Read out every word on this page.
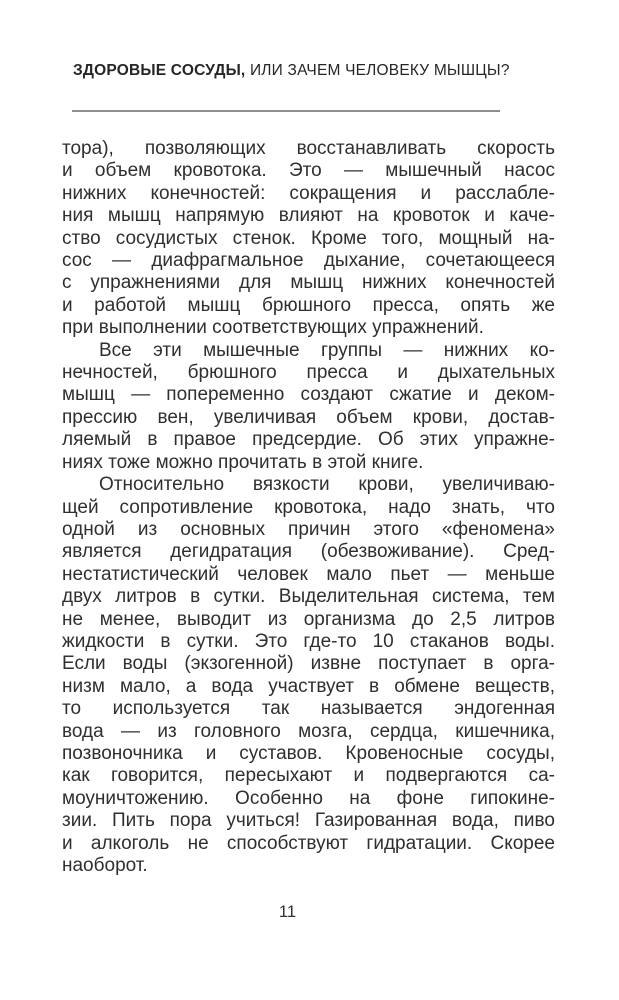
ЗДОРОВЫЕ СОСУДЫ, ИЛИ ЗАЧЕМ ЧЕЛОВЕКУ МЫШЦЫ?
тора), позволяющих восстанавливать скорость
и объем кровотока. Это — мышечный насос
нижних конечностей: сокращения и расслабле-
ния мышц напрямую влияют на кровоток и каче-
ство сосудистых стенок. Кроме того, мощный на-
сос — диафрагмальное дыхание, сочетающееся
с упражнениями для мышц нижних конечностей
и работой мышц брюшного пресса, опять же
при выполнении соответствующих упражнений.
Все эти мышечные группы — нижних ко-
нечностей, брюшного пресса и дыхательных
мышц — попеременно создают сжатие и деком-
прессию вен, увеличивая объем крови, достав-
ляемый в правое предсердие. Об этих упражне-
ниях тоже можно прочитать в этой книге.
Относительно вязкости крови, увеличиваю-
щей сопротивление кровотока, надо знать, что
одной из основных причин этого «феномена»
является дегидратация (обезвоживание). Сред-
нестатистический человек мало пьет — меньше
двух литров в сутки. Выделительная система, тем
не менее, выводит из организма до 2,5 литров
жидкости в сутки. Это где-то 10 стаканов воды.
Если воды (экзогенной) извне поступает в орга-
низм мало, а вода участвует в обмене веществ,
то используется так называется эндогенная
вода — из головного мозга, сердца, кишечника,
позвоночника и суставов. Кровеносные сосуды,
как говорится, пересыхают и подвергаются са-
моуничтожению. Особенно на фоне гипокине-
зии. Пить пора учиться! Газированная вода, пиво
и алкоголь не способствуют гидратации. Скорее
наоборот.
11
